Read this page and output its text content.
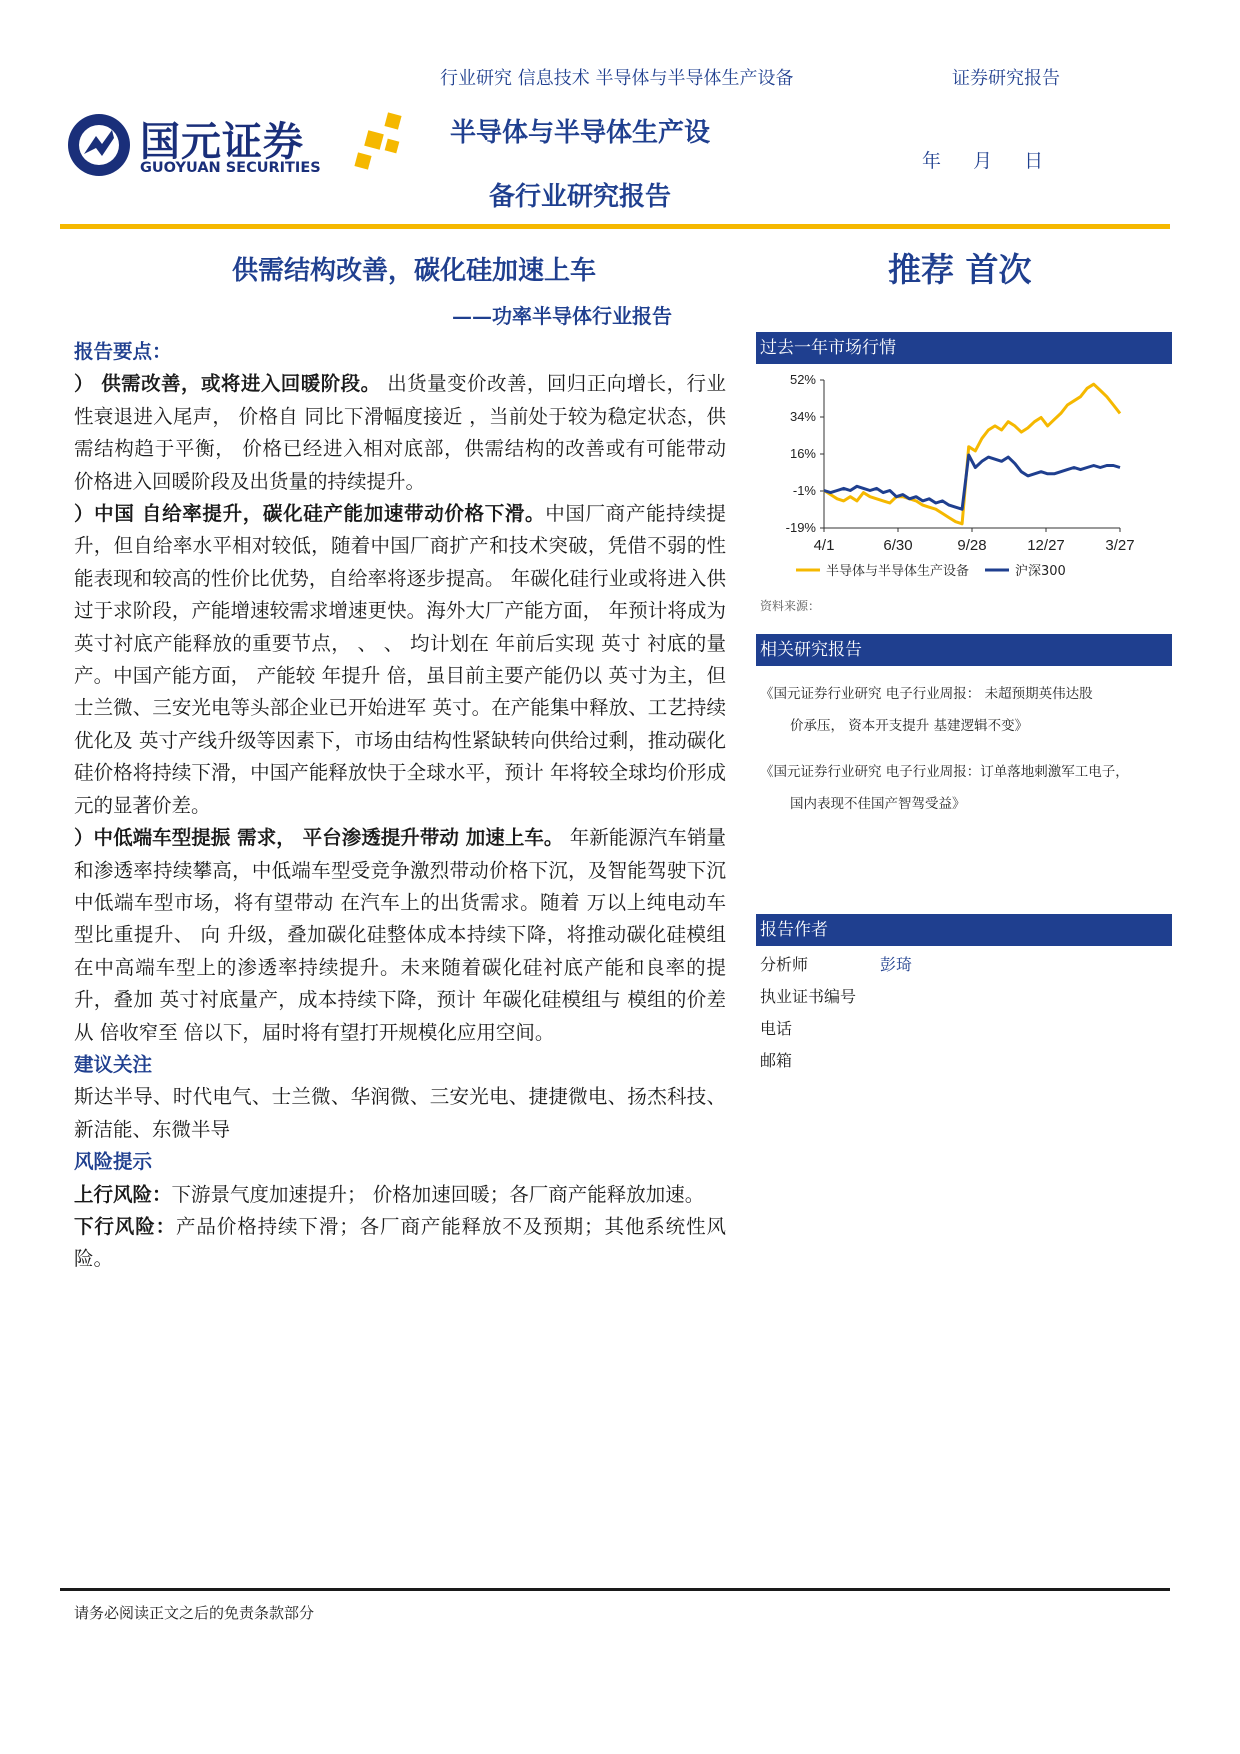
行业研究 信息技术 半导体与半导体生产设备	证券研究报告
国元证券
GUOYUAN SECURITIES
半导体与半导体生产设
备行业研究报告
年 月 日
供需结构改善，碳化硅加速上车
——功率半导体行业报告
推荐 首次

报告要点：

） 供需改善，或将进入回暖阶段。 出货量变价改善，回归正向增长，行业性衰退进入尾声， 价格自 同比下滑幅度接近 ，当前处于较为稳定状态，供需结构趋于平衡， 价格已经进入相对底部，供需结构的改善或有可能带动 价格进入回暖阶段及出货量的持续提升。

）中国 自给率提升，碳化硅产能加速带动价格下滑。中国厂商产能持续提升，但自给率水平相对较低，随着中国厂商扩产和技术突破，凭借不弱的性能表现和较高的性价比优势，自给率将逐步提高。 年碳化硅行业或将进入供过于求阶段，产能增速较需求增速更快。海外大厂产能方面， 年预计将成为 英寸衬底产能释放的重要节点， 、 、 均计划在 年前后实现 英寸 衬底的量产。中国产能方面， 产能较 年提升 倍，虽目前主要产能仍以 英寸为主，但士兰微、三安光电等头部企业已开始进军 英寸。在产能集中释放、工艺持续优化及 英寸产线升级等因素下，市场由结构性紧缺转向供给过剩，推动碳化硅价格将持续下滑，中国产能释放快于全球水平，预计 年将较全球均价形成 元的显著价差。

）中低端车型提振 需求， 平台渗透提升带动 加速上车。 年新能源汽车销量和渗透率持续攀高，中低端车型受竞争激烈带动价格下沉，及智能驾驶下沉中低端车型市场，将有望带动 在汽车上的出货需求。随着 万以上纯电动车型比重提升、 向 升级，叠加碳化硅整体成本持续下降，将推动碳化硅模组在中高端车型上的渗透率持续提升。未来随着碳化硅衬底产能和良率的提升，叠加 英寸衬底量产，成本持续下降，预计 年碳化硅模组与 模组的价差从 倍收窄至 倍以下，届时将有望打开规模化应用空间。

建议关注

斯达半导、时代电气、士兰微、华润微、三安光电、捷捷微电、扬杰科技、新洁能、东微半导

风险提示

上行风险：下游景气度加速提升； 价格加速回暖；各厂商产能释放加速。

下行风险：产品价格持续下滑；各厂商产能释放不及预期；其他系统性风险。

过去一年市场行情
52%
34%
16%
-1%
-19%
4/1	6/30	9/28	12/27	3/27
半导体与半导体生产设备	沪深300
资料来源：
相关研究报告
《国元证券行业研究 电子行业周报： 未超预期英伟达股
价承压， 资本开支提升 基建逻辑不变》
《国元证券行业研究 电子行业周报：订单落地刺激军工电子，
国内表现不佳国产智驾受益》
报告作者
分析师	彭琦
执业证书编号
电话
邮箱
请务必阅读正文之后的免责条款部分
